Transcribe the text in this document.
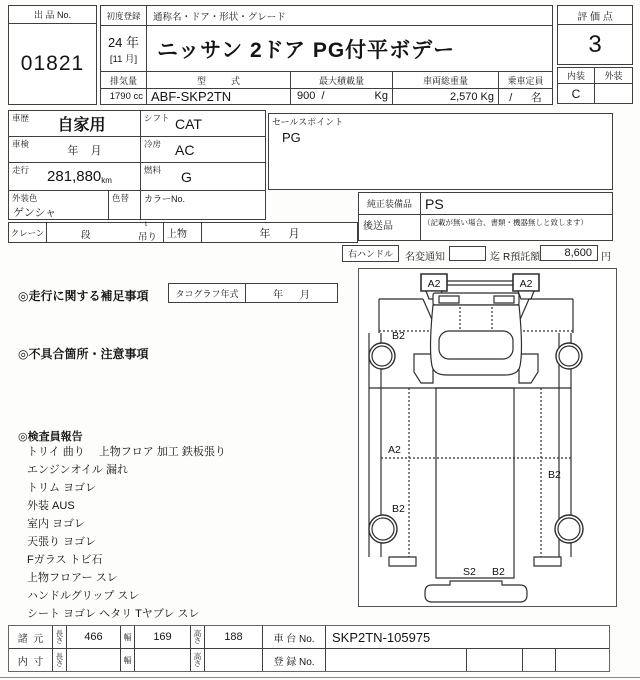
出 品 No.
01821
初度登録	通称名・ドア・形状・グレード
24 年
[11 月] ニッサン 2ドア PG付平ボデー
排気量	型          式	最大積載量	車両総重量	乗車定員
1790 cc ABF-SKP2TN	900  /	Kg	2,570 Kg	/      名
評 価 点
3
内装	外装
C
車歴	自家用	シフト CAT
車検
年    月
冷房 AC
走行 281,880 km
燃料	G
外装色
ゲンシャ
色替 カラーNo.
セールスポイント
PG
純正装備品 PS
後送品	（記載が無い場合、書類・機器無しと致します）
クレーン	段
t
吊り	上物	年      月
右ハンドル	名変通知	迄 R預託額	8,600 円
◎走行に関する補足事項	タコグラフ年式	年      月
◎不具合箇所・注意事項
◎検査員報告
トリイ 曲り　 上物フロア 加工 鉄板張り
エンジンオイル 漏れ
トリム ヨゴレ
外装 AUS
室内 ヨゴレ
天張り ヨゴレ
Fガラス トビ石
上物フロアー スレ
ハンドルグリップ スレ
シート ヨゴレ ヘタリ Tヤブレ スレ
A2	A2
B2
A2
B2
B2
S2 B2
諸  元
長さ	466	幅	169	高さ	188	車 台 No.	SKP2TN-105975
内  寸
長さ	幅	高さ	登 録 No.
